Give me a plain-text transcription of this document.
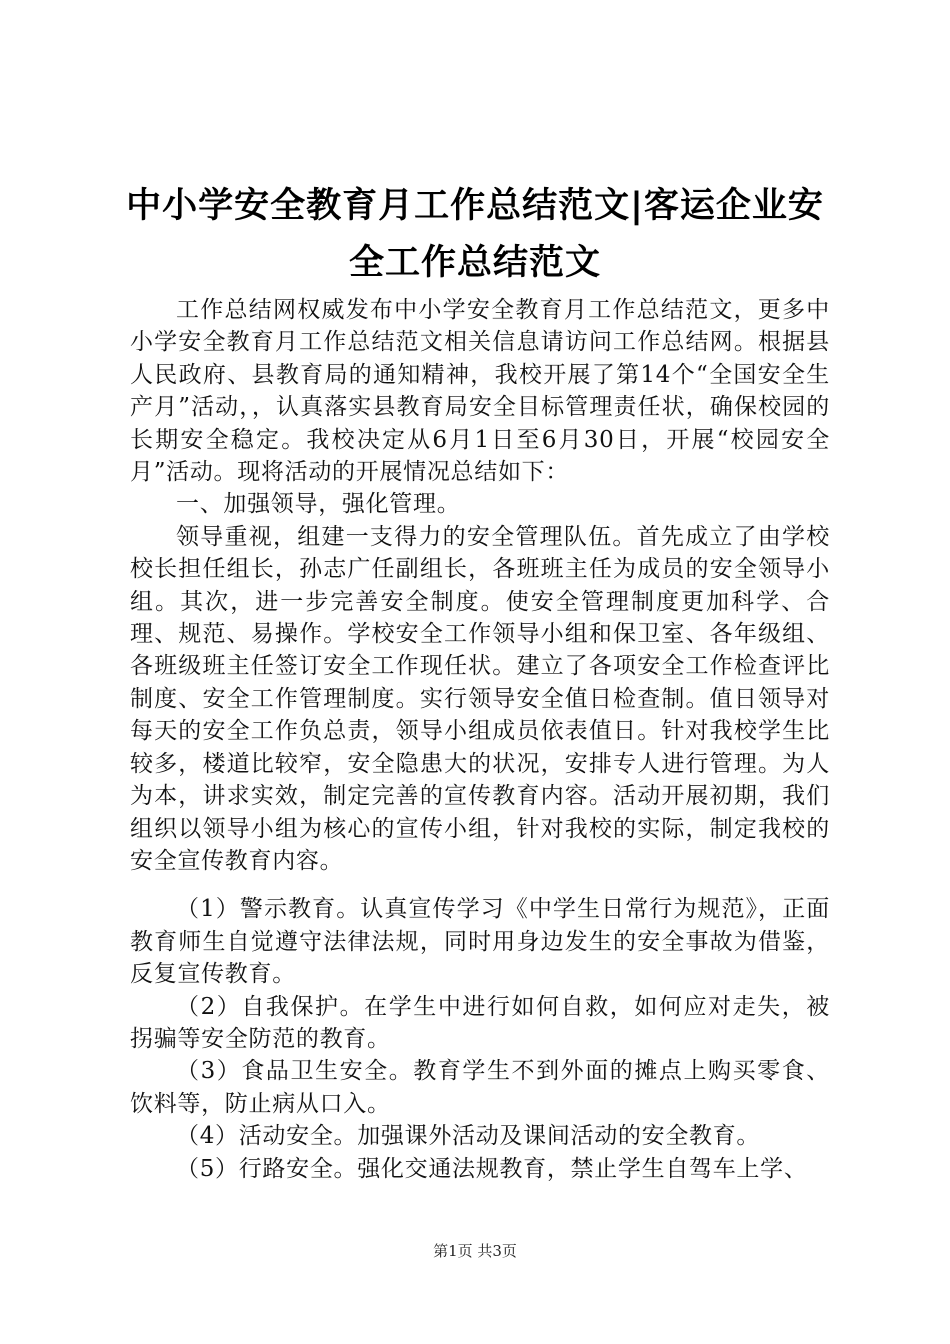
中小学安全教育月工作总结范文|客运企业安全工作总结范文

工作总结网权威发布中小学安全教育月工作总结范文，更多中小学安全教育月工作总结范文相关信息请访问工作总结网。根据县人民政府、县教育局的通知精神，我校开展了第14个“全国安全生产月”活动，，认真落实县教育局安全目标管理责任状，确保校园的长期安全稳定。我校决定从6月1日至6月30日，开展“校园安全月”活动。现将活动的开展情况总结如下：

一、加强领导，强化管理。

领导重视，组建一支得力的安全管理队伍。首先成立了由学校校长担任组长，孙志广任副组长，各班班主任为成员的安全领导小组。其次，进一步完善安全制度。使安全管理制度更加科学、合理、规范、易操作。学校安全工作领导小组和保卫室、各年级组、各班级班主任签订安全工作现任状。建立了各项安全工作检查评比制度、安全工作管理制度。实行领导安全值日检查制。值日领导对每天的安全工作负总责，领导小组成员依表值日。针对我校学生比较多，楼道比较窄，安全隐患大的状况，安排专人进行管理。为人为本，讲求实效，制定完善的宣传教育内容。活动开展初期，我们组织以领导小组为核心的宣传小组，针对我校的实际，制定我校的安全宣传教育内容。

（1）警示教育。认真宣传学习《中学生日常行为规范》，正面教育师生自觉遵守法律法规，同时用身边发生的安全事故为借鉴，反复宣传教育。

（2）自我保护。在学生中进行如何自救，如何应对走失，被拐骗等安全防范的教育。

（3）食品卫生安全。教育学生不到外面的摊点上购买零食、饮料等，防止病从口入。

（4）活动安全。加强课外活动及课间活动的安全教育。

（5）行路安全。强化交通法规教育，禁止学生自驾车上学、

第1页 共3页
